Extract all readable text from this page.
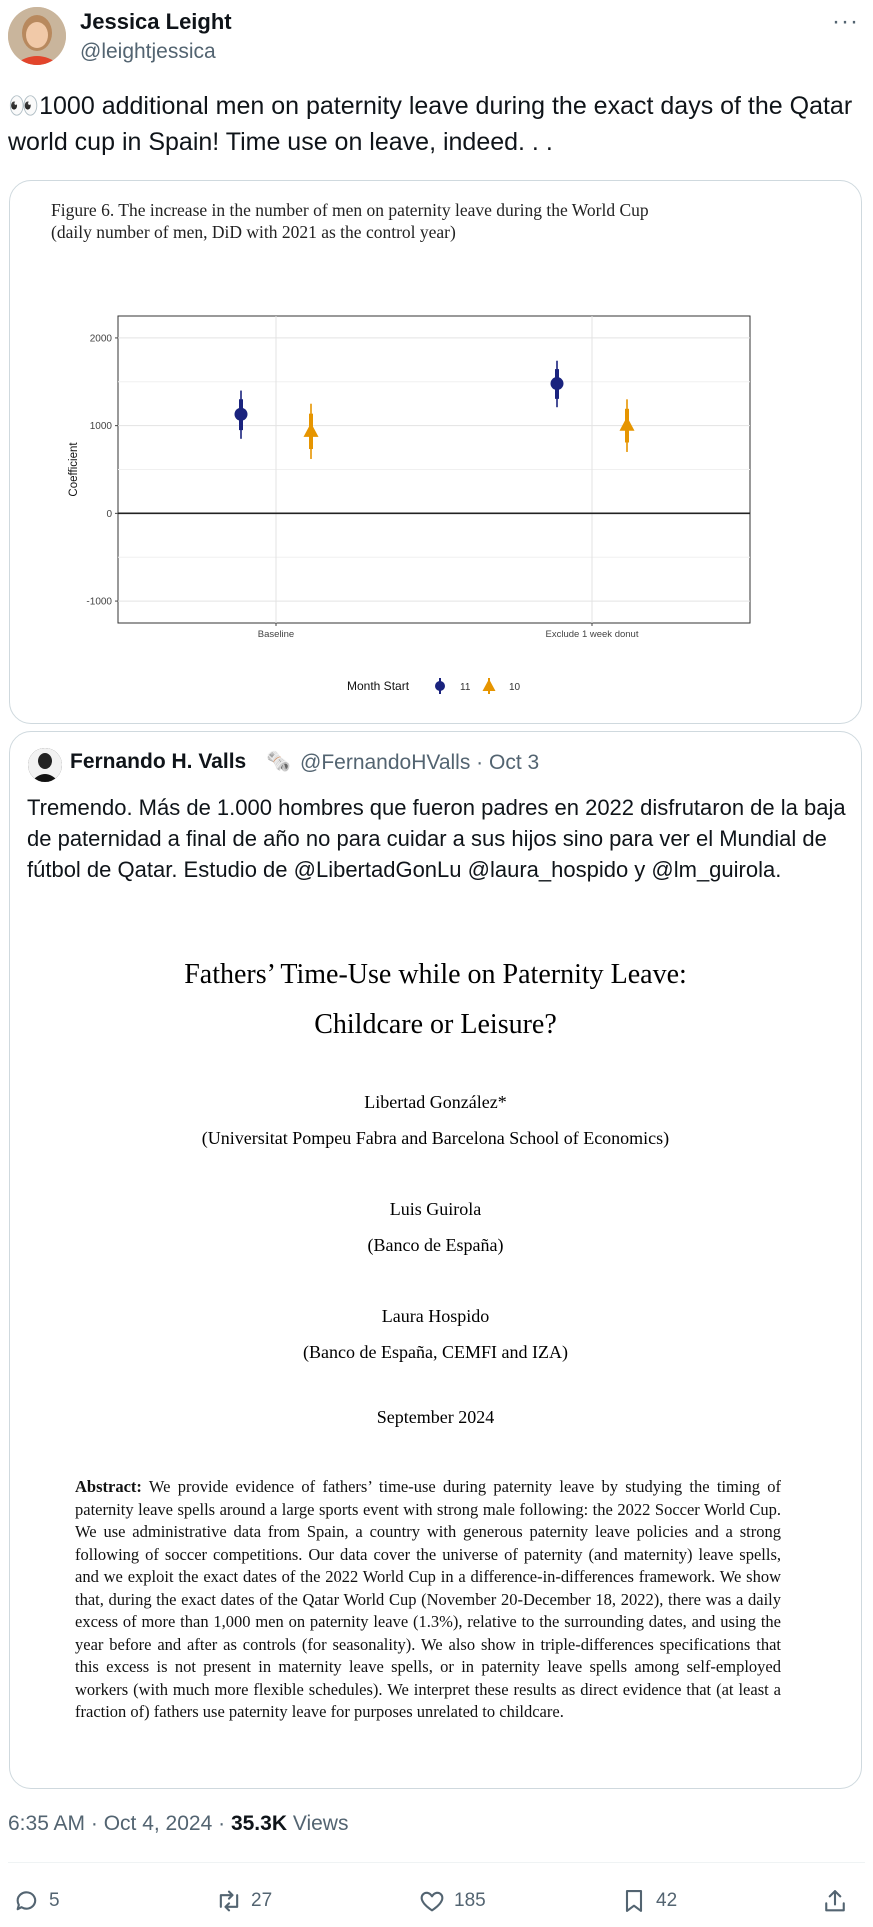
Jessica Leight
@leightjessica
···
👀1000 additional men on paternity leave during the exact days of the Qatar world cup in Spain! Time use on leave, indeed. . .
Figure 6. The increase in the number of men on paternity leave during the World Cup
(daily number of men, DiD with 2021 as the control year)
2000
1000
0
-1000
Coefficient
Baseline	Exclude 1 week donut
Month Start	11	10
Fernando H. Valls 🗞️ @FernandoHValls · Oct 3
Tremendo. Más de 1.000 hombres que fueron padres en 2022 disfrutaron de la baja de paternidad a final de año no para cuidar a sus hijos sino para ver el Mundial de fútbol de Qatar. Estudio de @LibertadGonLu @laura_hospido y @lm_guirola.
Fathers’ Time-Use while on Paternity Leave:
Childcare or Leisure?
Libertad González*
(Universitat Pompeu Fabra and Barcelona School of Economics)
Luis Guirola
(Banco de España)
Laura Hospido
(Banco de España, CEMFI and IZA)
September 2024
Abstract: We provide evidence of fathers’ time-use during paternity leave by studying the timing of paternity leave spells around a large sports event with strong male following: the 2022 Soccer World Cup. We use administrative data from Spain, a country with generous paternity leave policies and a strong following of soccer competitions. Our data cover the universe of paternity (and maternity) leave spells, and we exploit the exact dates of the 2022 World Cup in a difference-in-differences framework. We show that, during the exact dates of the Qatar World Cup (November 20-December 18, 2022), there was a daily excess of more than 1,000 men on paternity leave (1.3%), relative to the surrounding dates, and using the year before and after as controls (for seasonality). We also show in triple-differences specifications that this excess is not present in maternity leave spells, or in paternity leave spells among self-employed workers (with much more flexible schedules). We interpret these results as direct evidence that (at least a fraction of) fathers use paternity leave for purposes unrelated to childcare.
6:35 AM · Oct 4, 2024 · 35.3K Views
5	27	185	42
